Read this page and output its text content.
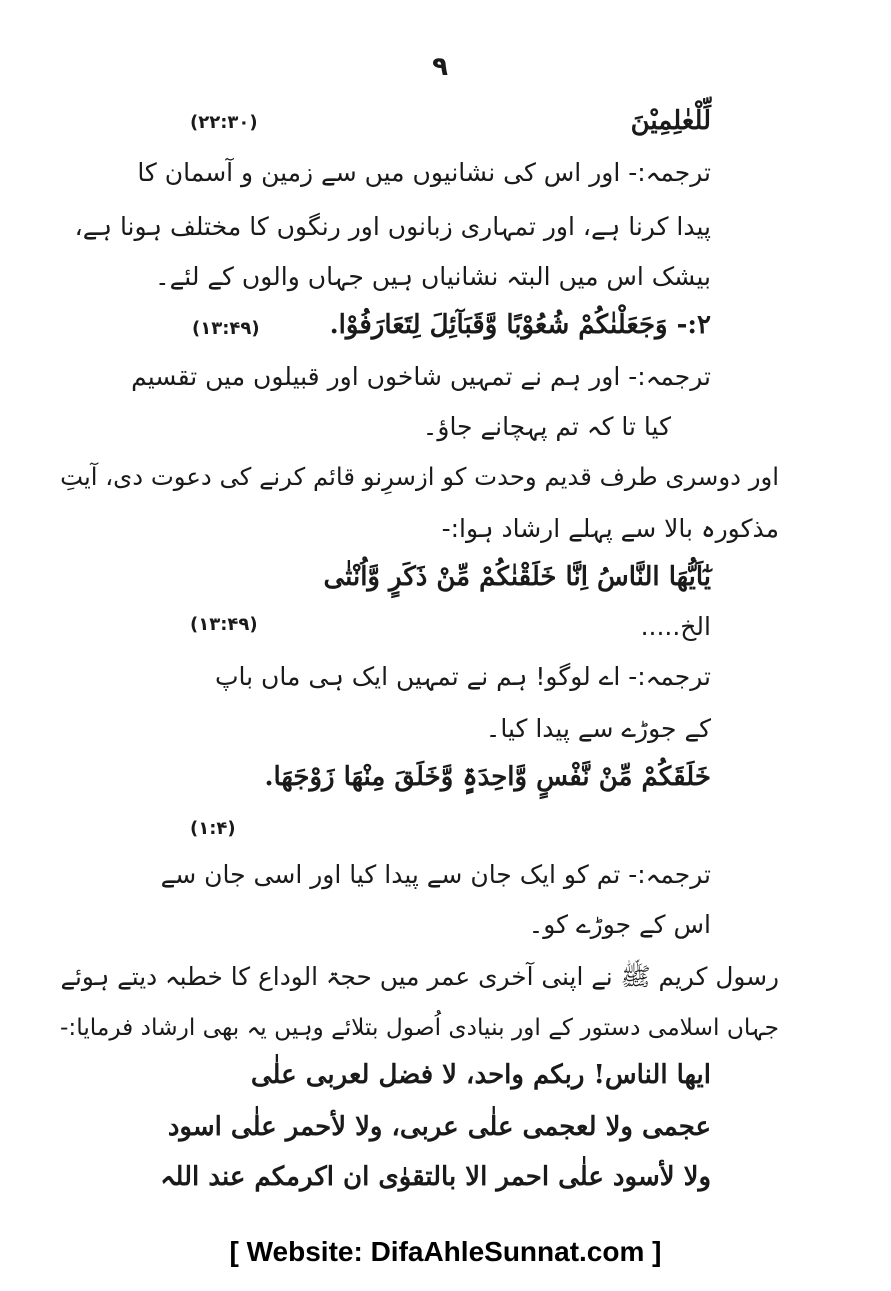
۹
لِّلْعٰلِمِيْنَ
(۲۲:۳۰)
ترجمہ:- اور اس کی نشانیوں میں سے زمین و آسمان کا
پیدا کرنا ہے، اور تمہاری زبانوں اور رنگوں کا مختلف ہونا ہے،
بیشک اس میں البتہ نشانیاں ہیں جہاں والوں کے لئے۔
۲:- وَجَعَلْنٰکُمْ شُعُوْبًا وَّقَبَآئِلَ لِتَعَارَفُوْا.
(۱۳:۴۹)
ترجمہ:- اور ہم نے تمہیں شاخوں اور قبیلوں میں تقسیم
کیا تا کہ تم پہچانے جاؤ۔
اور دوسری طرف قدیم وحدت کو ازسرِنو قائم کرنے کی دعوت دی، آیتِ
مذکورہ بالا سے پہلے ارشاد ہوا:-
یٰٓاَیُّھَا النَّاسُ اِنَّا خَلَقْنٰکُمْ مِّنْ ذَکَرٍ وَّاُنْثٰی
الخ.....
(۱۳:۴۹)
ترجمہ:- اے لوگو! ہم نے تمہیں ایک ہی ماں باپ
کے جوڑے سے پیدا کیا۔
خَلَقَکُمْ مِّنْ نَّفْسٍ وَّاحِدَۃٍ وَّخَلَقَ مِنْھَا زَوْجَھَا.
(۱:۴)
ترجمہ:- تم کو ایک جان سے پیدا کیا اور اسی جان سے
اس کے جوڑے کو۔
رسول کریم ﷺ نے اپنی آخری عمر میں حجۃ الوداع کا خطبہ دیتے ہوئے
جہاں اسلامی دستور کے اور بنیادی اُصول بتلائے وہیں یہ بھی ارشاد فرمایا:-
ایھا الناس! ربکم واحد، لا فضل لعربی علٰی
عجمی ولا لعجمی علٰی عربی، ولا لأحمر علٰی اسود
ولا لأسود علٰی احمر الا بالتقوٰی ان اکرمکم عند اللہ
[ Website: DifaAhleSunnat.com ]
